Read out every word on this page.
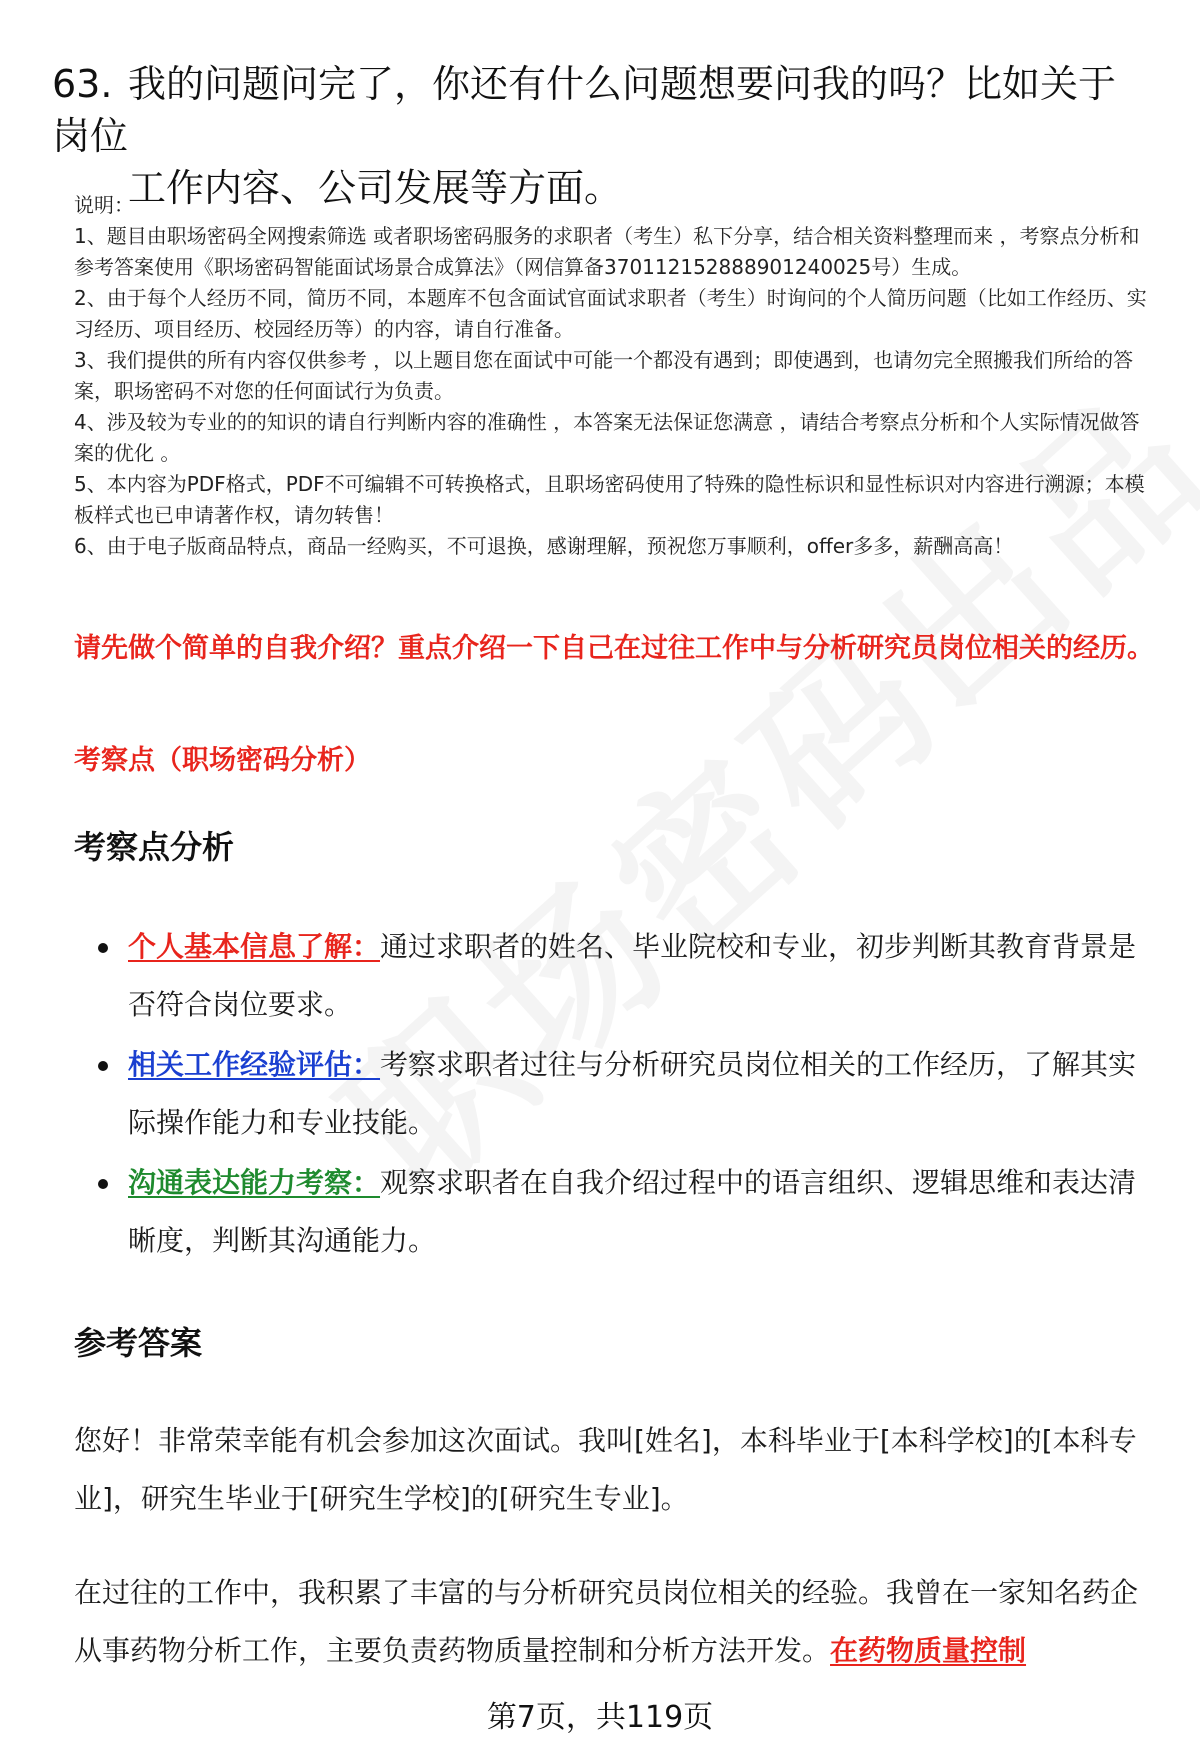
63. 我的问题问完了，你还有什么问题想要问我的吗？比如关于岗位
工作内容、公司发展等方面。

说明：

1、题目由职场密码全网搜索筛选 或者职场密码服务的求职者（考生）私下分享，结合相关资料整理而来 ，考察点分析和参考答案使用《职场密码智能面试场景合成算法》（网信算备370112152888901240025号）生成。

2、由于每个人经历不同，简历不同，本题库不包含面试官面试求职者（考生）时询问的个人简历问题（比如工作经历、实习经历、项目经历、校园经历等）的内容，请自行准备。

3、我们提供的所有内容仅供参考 ，以上题目您在面试中可能一个都没有遇到；即使遇到，也请勿完全照搬我们所给的答案，职场密码不对您的任何面试行为负责。

4、涉及较为专业的的知识的请自行判断内容的准确性 ，本答案无法保证您满意 ，请结合考察点分析和个人实际情况做答案的优化 。

5、本内容为PDF格式，PDF不可编辑不可转换格式，且职场密码使用了特殊的隐性标识和显性标识对内容进行溯源；本模板样式也已申请著作权，请勿转售！

6、由于电子版商品特点，商品一经购买，不可退换，感谢理解，预祝您万事顺利，offer多多，薪酬高高！

请先做个简单的自我介绍？重点介绍一下自己在过往工作中与分析研究员岗位相关的经历。
考察点（职场密码分析）
考察点分析
个人基本信息了解：通过求职者的姓名、毕业院校和专业，初步判断其教育背景是否符合岗位要求。
相关工作经验评估：考察求职者过往与分析研究员岗位相关的工作经历，了解其实际操作能力和专业技能。
沟通表达能力考察：观察求职者在自我介绍过程中的语言组织、逻辑思维和表达清晰度，判断其沟通能力。
参考答案

您好！非常荣幸能有机会参加这次面试。我叫[姓名]，本科毕业于[本科学校]的[本科专业]，研究生毕业于[研究生学校]的[研究生专业]。

在过往的工作中，我积累了丰富的与分析研究员岗位相关的经验。我曾在一家知名药企从事药物分析工作，主要负责药物质量控制和分析方法开发。在药物质量控制

第7页，共119页
